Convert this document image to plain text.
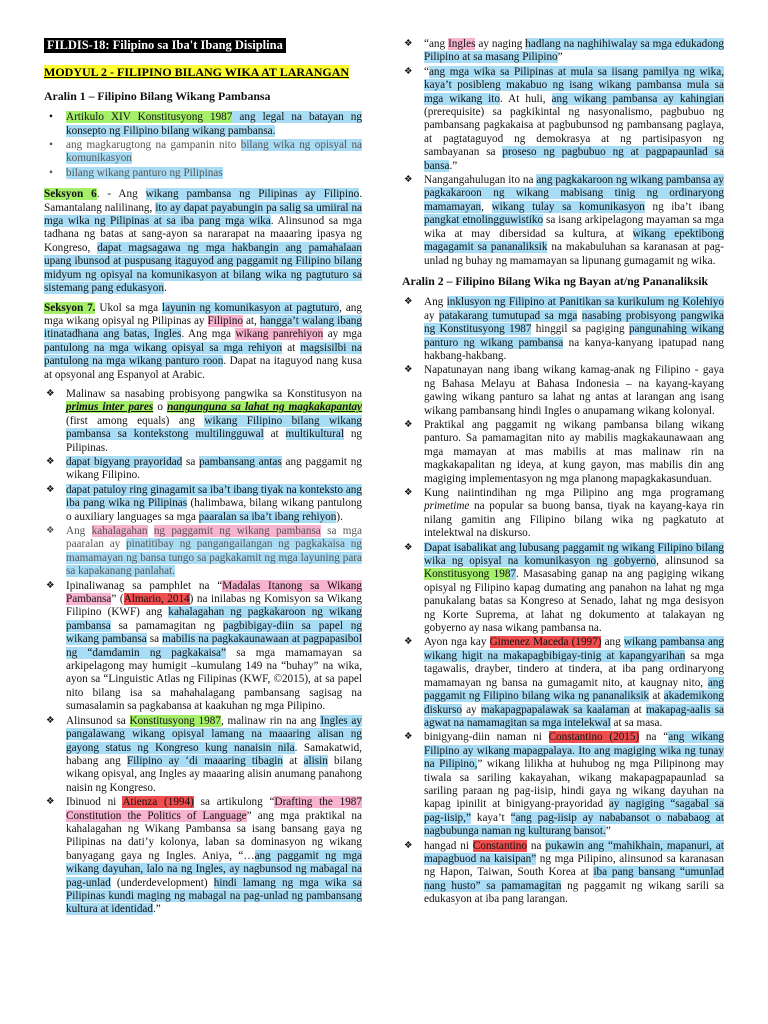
FILDIS-18: Filipino sa Iba't Ibang Disiplina
MODYUL 2 - FILIPINO BILANG WIKA AT LARANGAN
Aralin 1 – Filipino Bilang Wikang Pambansa
• Artikulo XIV Konstitusyong 1987 ang legal na batayan ng konsepto ng Filipino bilang wikang pambansa.
• ang magkarugtong na gampanin nito bilang wika ng opisyal na komunikasyon
• bilang wikang panturo ng Pilipinas

Seksyon 6. - Ang wikang pambansa ng Pilipinas ay Filipino. Samantalang nalilinang, ito ay dapat payabungin pa salig sa umiiral na mga wika ng Pilipinas at sa iba pang mga wika. Alinsunod sa mga tadhana ng batas at sang-ayon sa nararapat na maaaring ipasya ng Kongreso, dapat magsagawa ng mga hakbangin ang pamahalaan upang ibunsod at puspusang itaguyod ang paggamit ng Filipino bilang midyum ng opisyal na komunikasyon at bilang wika ng pagtuturo sa sistemang pang edukasyon.

Seksyon 7. Ukol sa mga layunin ng komunikasyon at pagtuturo, ang mga wikang opisyal ng Pilipinas ay Filipino at, hangga’t walang ibang itinatadhana ang batas, Ingles. Ang mga wikang panrehiyon ay mga pantulong na mga wikang opisyal sa mga rehiyon at magsisilbi na pantulong na mga wikang panturo roon. Dapat na itaguyod nang kusa at opsyonal ang Espanyol at Arabic.

❖ Malinaw sa nasabing probisyong pangwika sa Konstitusyon na primus inter pares o nangunguna sa lahat ng magkakapantay (first among equals) ang wikang Filipino bilang wikang pambansa sa kontekstong multilingguwal at multikultural ng Pilipinas.
❖ dapat bigyang prayoridad sa pambansang antas ang paggamit ng wikang Filipino.
❖ dapat patuloy ring ginagamit sa iba’t ibang tiyak na konteksto ang iba pang wika ng Pilipinas (halimbawa, bilang wikang pantulong o auxiliary languages sa mga paaralan sa iba’t ibang rehiyon).
❖ Ang kahalagahan ng paggamit ng wikang pambansa sa mga paaralan ay pinatitibay ng pangangailangan ng pagkakaisa ng mamamayan ng bansa tungo sa pagkakamit ng mga layuning para sa kapakanang panlahat.
❖ Ipinaliwanag sa pamphlet na “Madalas Itanong sa Wikang Pambansa” (Almario, 2014) na inilabas ng Komisyon sa Wikang Filipino (KWF) ang kahalagahan ng pagkakaroon ng wikang pambansa sa pamamagitan ng pagbibigay-diin sa papel ng wikang pambansa sa mabilis na pagkakaunawaan at pagpapasibol ng “damdamin ng pagkakaisa” sa mga mamamayan sa arkipelagong may humigit –kumulang 149 na “buhay” na wika, ayon sa “Linguistic Atlas ng Filipinas (KWF, ©2015), at sa papel nito bilang isa sa mahahalagang pambansang sagisag na sumasalamin sa pagkabansa at kaakuhan ng mga Pilipino.
❖ Alinsunod sa Konstitusyong 1987, malinaw rin na ang Ingles ay pangalawang wikang opisyal lamang na maaaring alisan ng gayong status ng Kongreso kung nanaisin nila. Samakatwid, habang ang Filipino ay ‘di maaaring tibagin at alisin bilang wikang opisyal, ang Ingles ay maaaring alisin anumang panahong naisin ng Kongreso.
❖ Ibinuod ni Atienza (1994) sa artikulong “Drafting the 1987 Constitution the Politics of Language” ang mga praktikal na kahalagahan ng Wikang Pambansa sa isang bansang gaya ng Pilipinas na dati’y kolonya, laban sa dominasyon ng wikang banyagang gaya ng Ingles. Aniya, “…ang paggamit ng mga wikang dayuhan, lalo na ng Ingles, ay nagbunsod ng mabagal na pag-unlad (underdevelopment) hindi lamang ng mga wika sa Pilipinas kundi maging ng mabagal na pag-unlad ng pambansang kultura at identidad.”
❖ “ang Ingles ay naging hadlang na naghihiwalay sa mga edukadong Pilipino at sa masang Pilipino”
❖ “ang mga wika sa Pilipinas at mula sa iisang pamilya ng wika, kaya’t posibleng makabuo ng isang wikang pambansa mula sa mga wikang ito. At huli, ang wikang pambansa ay kahingian (prerequisite) sa pagkikintal ng nasyonalismo, pagbubuo ng pambansang pagkakaisa at pagbubunsod ng pambansang paglaya, at pagtataguyod ng demokrasya at ng partisipasyon ng sambayanan sa proseso ng pagbubuo ng at pagpapaunlad sa bansa.”
❖ Nangangahulugan ito na ang pagkakaroon ng wikang pambansa ay pagkakaroon ng wikang mabisang tinig ng ordinaryong mamamayan, wikang tulay sa komunikasyon ng iba’t ibang pangkat etnolingguwistiko sa isang arkipelagong mayaman sa mga wika at may dibersidad sa kultura, at wikang epektibong magagamit sa pananaliksik na makabuluhan sa karanasan at pag-unlad ng buhay ng mamamayan sa lipunang gumagamit ng wika.
Aralin 2 – Filipino Bilang Wika ng Bayan at/ng Pananaliksik
❖ Ang inklusyon ng Filipino at Panitikan sa kurikulum ng Kolehiyo ay patakarang tumutupad sa mga nasabing probisyong pangwika ng Konstitusyong 1987 hinggil sa pagiging pangunahing wikang panturo ng wikang pambansa na kanya-kanyang ipatupad nang hakbang-hakbang.
❖ Napatunayan nang ibang wikang kamag-anak ng Filipino - gaya ng Bahasa Melayu at Bahasa Indonesia – na kayang-kayang gawing wikang panturo sa lahat ng antas at larangan ang isang wikang pambansang hindi Ingles o anupamang wikang kolonyal.
❖ Praktikal ang paggamit ng wikang pambansa bilang wikang panturo. Sa pamamagitan nito ay mabilis magkakaunawaan ang mga mamayan at mas mabilis at mas malinaw rin na magkakapalitan ng ideya, at kung gayon, mas mabilis din ang magiging implementasyon ng mga planong mapagkakasunduan.
❖ Kung naiintindihan ng mga Pilipino ang mga programang primetime na popular sa buong bansa, tiyak na kayang-kaya rin nilang gamitin ang Filipino bilang wika ng pagkatuto at intelektwal na diskurso.
❖ Dapat isabalikat ang lubusang paggamit ng wikang Filipino bilang wika ng opisyal na komunikasyon ng gobyerno, alinsunod sa Konstitusyong 1987. Masasabing ganap na ang pagiging wikang opisyal ng Filipino kapag dumating ang panahon na lahat ng mga panukalang batas sa Kongreso at Senado, lahat ng mga desisyon ng Korte Suprema, at lahat ng dokumento at talakayan ng gobyerno ay nasa wikang pambansa na.
❖ Ayon nga kay Gimenez Maceda (1997) ang wikang pambansa ang wikang higit na makapagbibigay-tinig at kapangyarihan sa mga tagawalis, drayber, tindero at tindera, at iba pang ordinaryong mamamayan ng bansa na gumagamit nito, at kaugnay nito, ang paggamit ng Filipino bilang wika ng pananaliksik at akademikong diskurso ay makapagpapalawak sa kaalaman at makapag-aalis sa agwat na namamagitan sa mga intelekwal at sa masa.
❖ binigyang-diin naman ni Constantino (2015) na “ang wikang Filipino ay wikang mapagpalaya. Ito ang magiging wika ng tunay na Pilipino,” wikang lilikha at huhubog ng mga Pilipinong may tiwala sa sariling kakayahan, wikang makapagpapaunlad sa sariling paraan ng pag-iisip, hindi gaya ng wikang dayuhan na kapag ipinilit at binigyang-prayoridad ay nagiging “sagabal sa pag-iisip,” kaya’t “ang pag-iisip ay nababansot o nababaog at nagbubunga naman ng kulturang bansot.”
❖ hangad ni Constantino na pukawin ang “mahikhain, mapanuri, at mapagbuod na kaisipan” ng mga Pilipino, alinsunod sa karanasan ng Hapon, Taiwan, South Korea at iba pang bansang “umunlad nang husto” sa pamamagitan ng paggamit ng wikang sarili sa edukasyon at iba pang larangan.
